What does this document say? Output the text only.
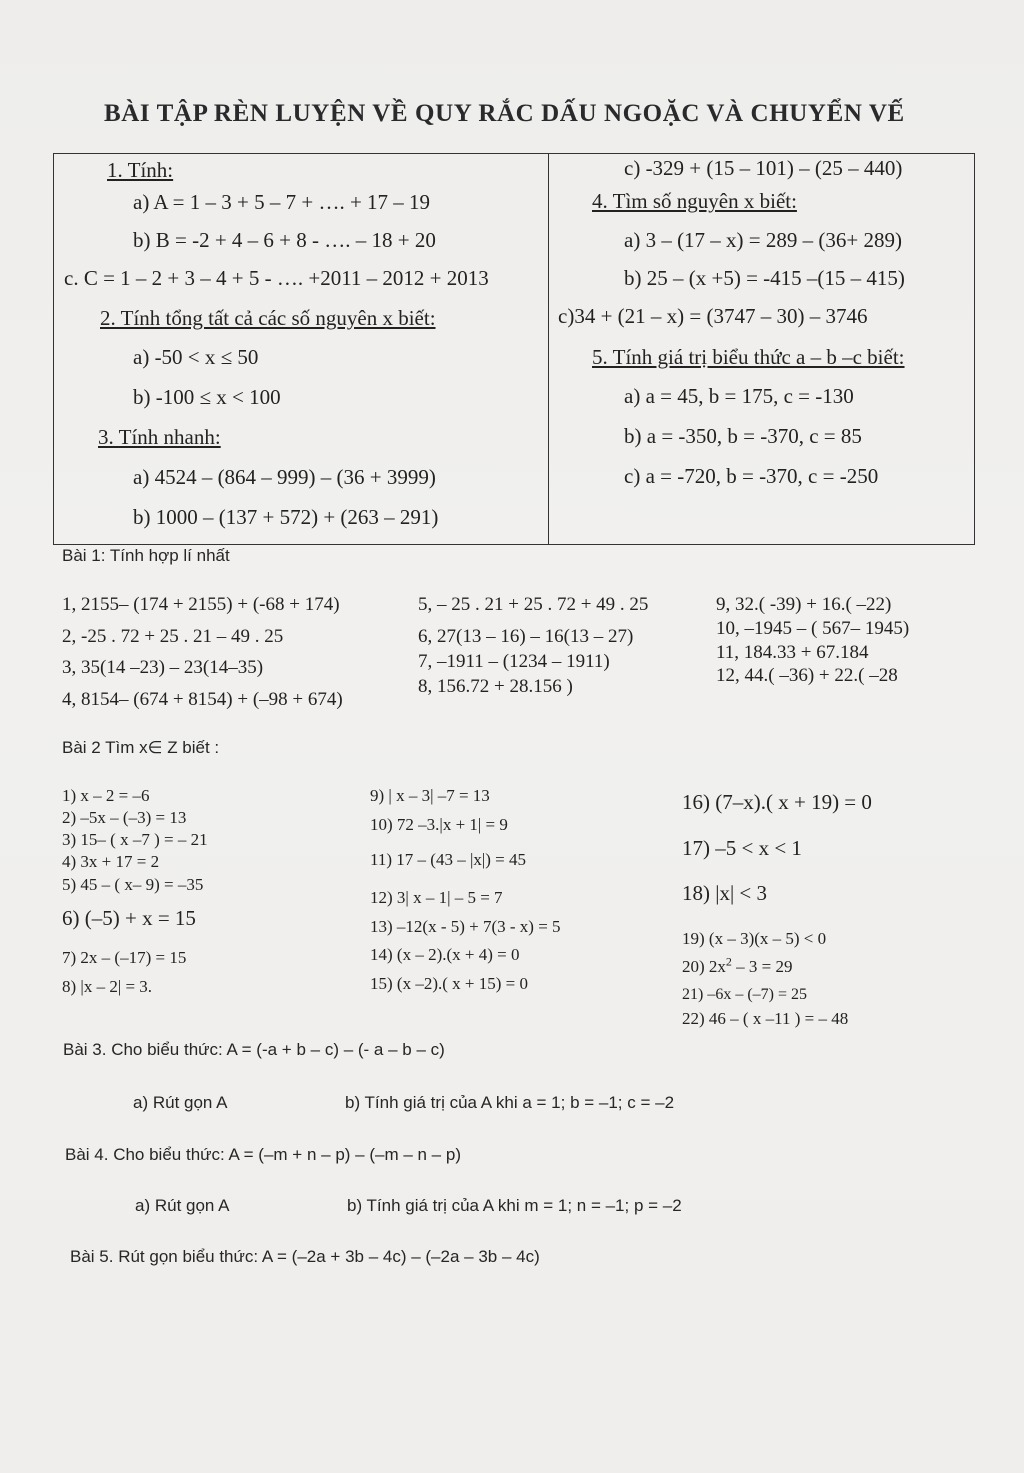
BÀI TẬP RÈN LUYỆN VỀ QUY RẮC DẤU NGOẶC VÀ CHUYỂN VẾ
1. Tính:
a) A = 1 – 3 + 5 – 7 + …. + 17 – 19
b) B = -2 + 4 – 6 + 8 - …. – 18 + 20
c. C = 1 – 2 + 3 – 4 + 5 - …. +2011 – 2012 + 2013
2. Tính tổng tất cả các số nguyên x biết:
a) -50 < x ≤ 50
b) -100 ≤ x < 100
3. Tính nhanh:
a) 4524 – (864 – 999) – (36 + 3999)
b) 1000 – (137 + 572) + (263 – 291)
c) -329 + (15 – 101) – (25 – 440)
4. Tìm số nguyên x biết:
a) 3 – (17 – x) = 289 – (36+ 289)
b) 25 – (x +5) = -415 –(15 – 415)
c)34 + (21 – x) = (3747 – 30) – 3746
5. Tính giá trị biểu thức a – b –c biết:
a) a = 45, b = 175, c = -130
b) a = -350, b = -370, c = 85
c) a = -720, b = -370, c = -250
Bài 1: Tính hợp lí nhất
1, 2155– (174 + 2155) + (-68 + 174)
2, -25 . 72 + 25 . 21 – 49 . 25
3, 35(14 –23) – 23(14–35)
4, 8154– (674 + 8154) + (–98 + 674)
5, – 25 . 21 + 25 . 72 + 49 . 25
6, 27(13 – 16) – 16(13 – 27)
7, –1911 – (1234 – 1911)
8, 156.72 + 28.156 )
9, 32.( -39) + 16.( –22)
10, –1945 – ( 567– 1945)
11, 184.33 + 67.184
12, 44.( –36) + 22.( –28
Bài 2 Tìm x∈ Z biết :
1) x – 2 = –6
2) –5x – (–3) = 13
3) 15– ( x –7 ) = – 21
4) 3x + 17 = 2
5) 45 – ( x– 9) = –35
6) (–5) + x = 15
7) 2x – (–17) = 15
8) |x – 2| = 3.
9) | x – 3| –7 = 13
10) 72 –3.|x + 1| = 9
11) 17 – (43 – |x|) = 45
12) 3| x – 1| – 5 = 7
13) –12(x - 5) + 7(3 - x) = 5
14) (x – 2).(x + 4) = 0
15) (x –2).( x + 15) = 0
16) (7–x).( x + 19) = 0
17) –5 < x < 1
18) |x| < 3
19) (x – 3)(x – 5) < 0
20) $2x^2 - 3 = 29$
21) –6x – (–7) = 25
22) 46 – ( x –11 ) = – 48
Bài 3. Cho biểu thức: A = (-a + b – c) – (- a – b – c)
a) Rút gọn A	b) Tính giá trị của A khi a = 1; b = –1; c = –2
Bài 4. Cho biểu thức: A = (–m + n – p) – (–m – n – p)
a) Rút gọn A	b) Tính giá trị của A khi m = 1; n = –1; p = –2
Bài 5. Rút gọn biểu thức: A = (–2a + 3b – 4c) – (–2a – 3b – 4c)
